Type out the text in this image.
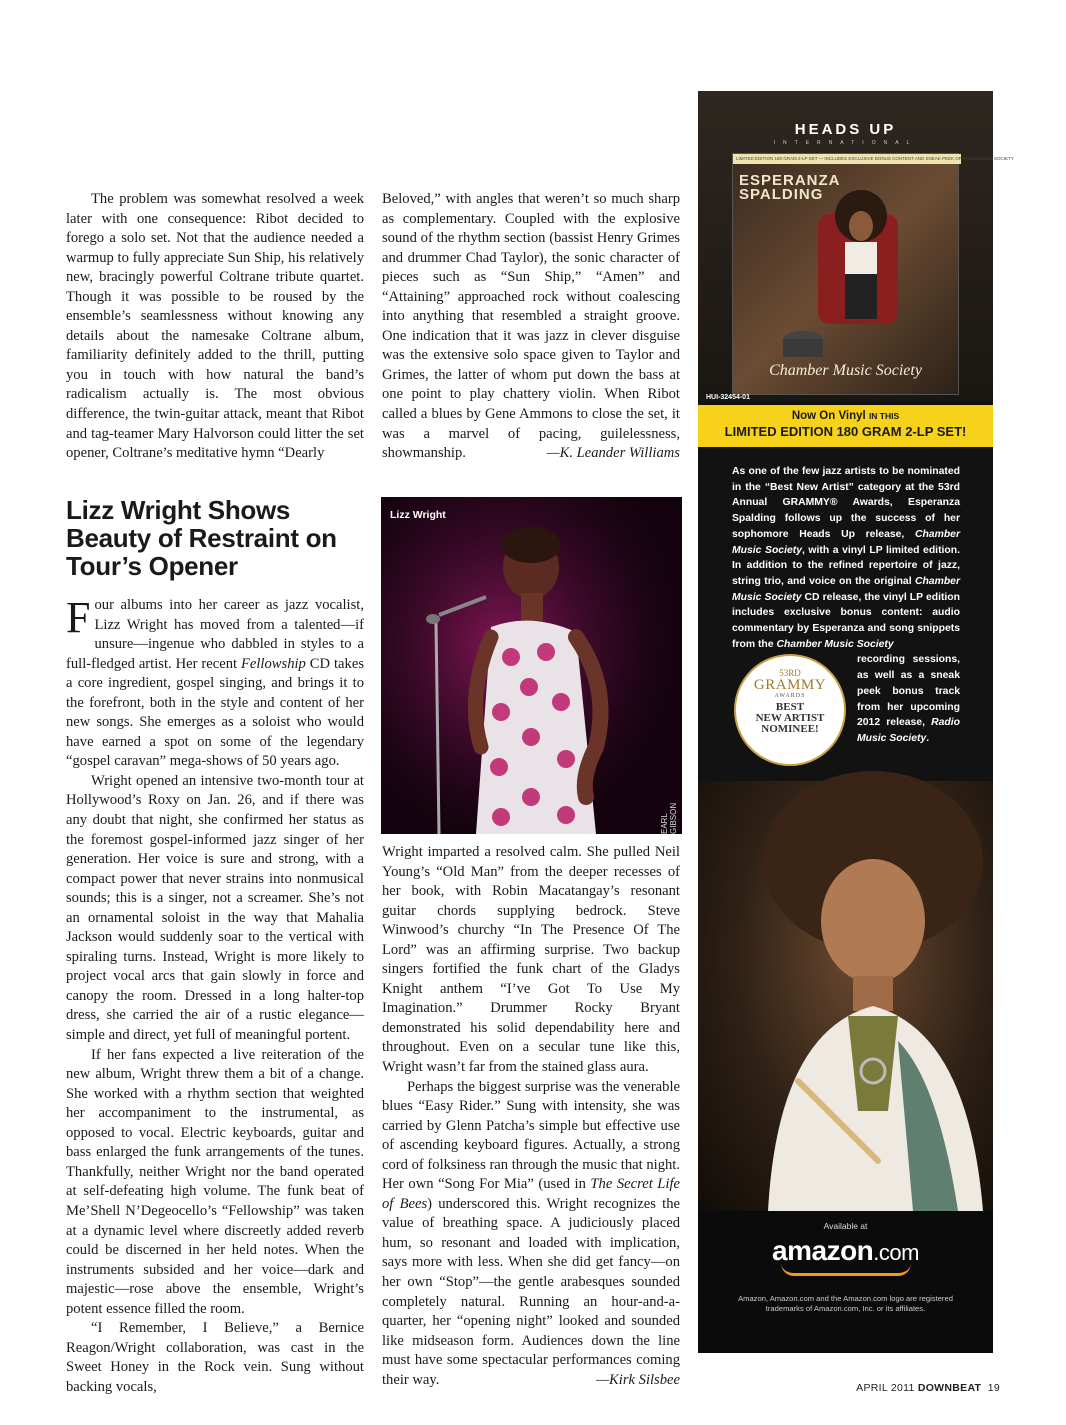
The problem was somewhat resolved a week later with one consequence: Ribot decided to forego a solo set. Not that the audience needed a warmup to fully appreciate Sun Ship, his relatively new, bracingly powerful Coltrane tribute quartet. Though it was possible to be roused by the ensemble’s seamlessness without knowing any details about the namesake Coltrane album, familiarity definitely added to the thrill, putting you in touch with how natural the band’s radicalism actually is. The most obvious difference, the twin-guitar attack, meant that Ribot and tag-teamer Mary Halvorson could litter the set opener, Coltrane’s meditative hymn “Dearly

Beloved,” with angles that weren’t so much sharp as complementary. Coupled with the explosive sound of the rhythm section (bassist Henry Grimes and drummer Chad Taylor), the sonic character of pieces such as “Sun Ship,” “Amen” and “Attaining” approached rock without coalescing into anything that resembled a straight groove. One indication that it was jazz in clever disguise was the extensive solo space given to Taylor and Grimes, the latter of whom put down the bass at one point to play chattery violin. When Ribot called a blues by Gene Ammons to close the set, it was a marvel of pacing, guilelessness, showmanship.	—K. Leander Williams

Lizz Wright Shows Beauty of Restraint on Tour’s Opener

Four albums into her career as jazz vocalist, Lizz Wright has moved from a talented—if unsure—ingenue who dabbled in styles to a full-fledged artist. Her recent Fellowship CD takes a core ingredient, gospel singing, and brings it to the forefront, both in the style and content of her new songs. She emerges as a soloist who would have earned a spot on some of the legendary “gospel caravan” mega-shows of 50 years ago.

Wright opened an intensive two-month tour at Hollywood’s Roxy on Jan. 26, and if there was any doubt that night, she confirmed her status as the foremost gospel-informed jazz singer of her generation. Her voice is sure and strong, with a compact power that never strains into nonmusical sounds; this is a singer, not a screamer. She’s not an ornamental soloist in the way that Mahalia Jackson would suddenly soar to the vertical with spiraling turns. Instead, Wright is more likely to project vocal arcs that gain slowly in force and canopy the room. Dressed in a long halter-top dress, she carried the air of a rustic elegance—simple and direct, yet full of meaningful portent.

If her fans expected a live reiteration of the new album, Wright threw them a bit of a change. She worked with a rhythm section that weighted her accompaniment to the instrumental, as opposed to vocal. Electric keyboards, guitar and bass enlarged the funk arrangements of the tunes. Thankfully, neither Wright nor the band operated at self-defeating high volume. The funk beat of Me’Shell N’Degeocello’s “Fellowship” was taken at a dynamic level where discreetly added reverb could be discerned in her held notes. When the instruments subsided and her voice—dark and majestic—rose above the ensemble, Wright’s potent essence filled the room.

“I Remember, I Believe,” a Bernice Reagon/Wright collaboration, was cast in the Sweet Honey in the Rock vein. Sung without backing vocals,

Lizz Wright
EARL GIBSON

Wright imparted a resolved calm. She pulled Neil Young’s “Old Man” from the deeper recesses of her book, with Robin Macatangay’s resonant guitar chords supplying bedrock. Steve Winwood’s churchy “In The Presence Of The Lord” was an affirming surprise. Two backup singers fortified the funk chart of the Gladys Knight anthem “I’ve Got To Use My Imagination.” Drummer Rocky Bryant demonstrated his solid dependability here and throughout. Even on a secular tune like this, Wright wasn’t far from the stained glass aura.

Perhaps the biggest surprise was the venerable blues “Easy Rider.” Sung with intensity, she was carried by Glenn Patcha’s simple but effective use of ascending keyboard figures. Actually, a strong cord of folksiness ran through the music that night. Her own “Song For Mia” (used in The Secret Life of Bees) underscored this. Wright recognizes the value of breathing space. A judiciously placed hum, so resonant and loaded with implication, says more with less. When she did get fancy—on her own “Stop”—the gentle arabesques sounded completely natural. Running an hour-and-a-quarter, her “opening night” looked and sounded like midseason form. Audiences down the line must have some spectacular performances coming their way.	—Kirk Silsbee

HEADS UP
INTERNATIONAL
LIMITED EDITION 180 GRAM 2-LP SET — INCLUDES EXCLUSIVE BONUS CONTENT AND SNEAK PEEK OF RADIO MUSIC SOCIETY
ESPERANZA
SPALDING
Chamber Music Society
HUI-32454-01
Now On Vinyl IN THIS
LIMITED EDITION 180 GRAM 2-LP SET!
As one of the few jazz artists to be nominated in the “Best New Artist” category at the 53rd Annual GRAMMY® Awards, Esperanza Spalding follows up the success of her sophomore Heads Up release, Chamber Music Society, with a vinyl LP limited edition. In addition to the refined repertoire of jazz, string trio, and voice on the original Chamber Music Society CD release, the vinyl LP edition includes exclusive bonus content: audio commentary by Esperanza and song snippets from the Chamber Music Society
recording sessions, as well as a sneak peek bonus track from her upcoming 2012 release, Radio Music Society.
53RD
GRAMMY
AWARDS
BEST
NEW ARTIST
NOMINEE!
Available at
amazon.com
Amazon, Amazon.com and the Amazon.com logo are registered trademarks of Amazon.com, Inc. or its affiliates.
APRIL 2011 DOWNBEAT 19
